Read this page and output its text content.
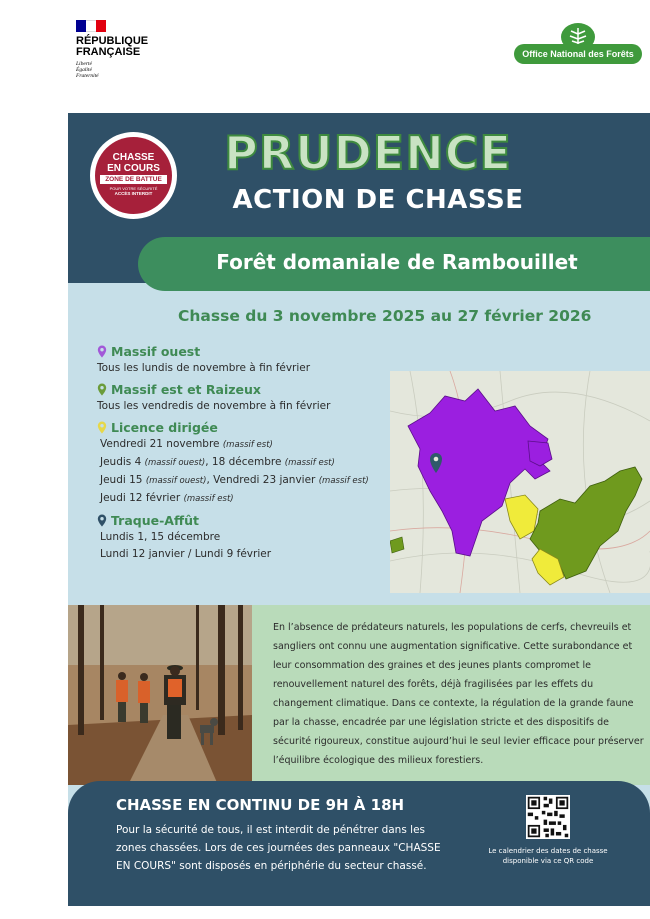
RÉPUBLIQUE
FRANÇAISE
Liberté
Égalité
Fraternité
Office National des Forêts
CHASSE
EN COURS
ZONE DE BATTUE
POUR VOTRE SÉCURITÉ
ACCÈS INTERDIT
PRUDENCE
ACTION DE CHASSE
Forêt domaniale de Rambouillet
Chasse du 3 novembre 2025 au 27 février 2026
Massif ouest
Tous les lundis de novembre à fin février
Massif est et Raizeux
Tous les vendredis de novembre à fin février
Licence dirigée
Vendredi 21 novembre (massif est)
Jeudis 4 (massif ouest), 18 décembre (massif est)
Jeudi 15 (massif ouest), Vendredi 23 janvier (massif est)
Jeudi 12 février (massif est)
Traque-Affût
Lundis 1, 15 décembre
Lundi 12 janvier / Lundi 9 février
En l’absence de prédateurs naturels, les populations de cerfs, chevreuils et sangliers ont connu une augmentation significative. Cette surabondance et leur consommation des graines et des jeunes plants compromet le renouvellement naturel des forêts, déjà fragilisées par les effets du changement climatique. Dans ce contexte, la régulation de la grande faune par la chasse, encadrée par une législation stricte et des dispositifs de sécurité rigoureux, constitue aujourd’hui le seul levier efficace pour préserver l’équilibre écologique des milieux forestiers.
CHASSE EN CONTINU DE 9H À 18H
Pour la sécurité de tous, il est interdit de pénétrer dans les zones chassées. Lors de ces journées des panneaux "CHASSE EN COURS" sont disposés en périphérie du secteur chassé.
Le calendrier des dates de chasse disponible via ce QR code
